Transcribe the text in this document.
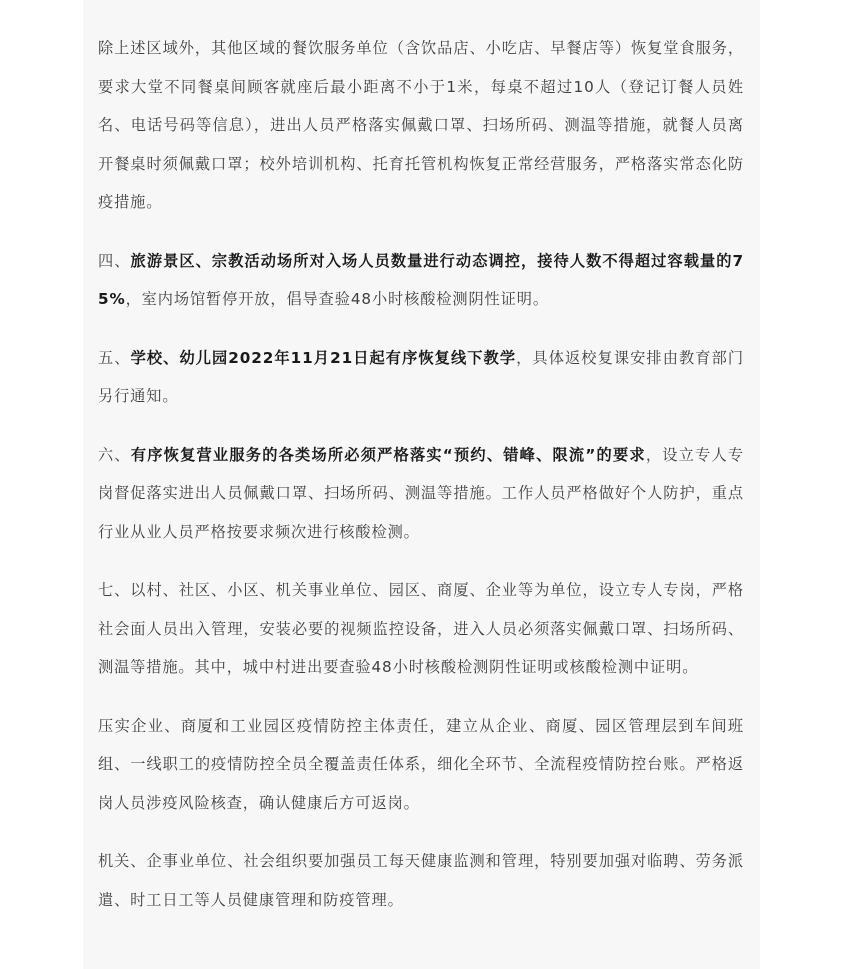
除上述区域外，其他区域的餐饮服务单位（含饮品店、小吃店、早餐店等）恢复堂食服务，要求大堂不同餐桌间顾客就座后最小距离不小于1米，每桌不超过10人（登记订餐人员姓名、电话号码等信息），进出人员严格落实佩戴口罩、扫场所码、测温等措施，就餐人员离开餐桌时须佩戴口罩；校外培训机构、托育托管机构恢复正常经营服务，严格落实常态化防疫措施。

四、旅游景区、宗教活动场所对入场人员数量进行动态调控，接待人数不得超过容载量的75%，室内场馆暂停开放，倡导查验48小时核酸检测阴性证明。

五、学校、幼儿园2022年11月21日起有序恢复线下教学，具体返校复课安排由教育部门另行通知。

六、有序恢复营业服务的各类场所必须严格落实“预约、错峰、限流”的要求，设立专人专岗督促落实进出人员佩戴口罩、扫场所码、测温等措施。工作人员严格做好个人防护，重点行业从业人员严格按要求频次进行核酸检测。

七、以村、社区、小区、机关事业单位、园区、商厦、企业等为单位，设立专人专岗，严格社会面人员出入管理，安装必要的视频监控设备，进入人员必须落实佩戴口罩、扫场所码、测温等措施。其中，城中村进出要查验48小时核酸检测阴性证明或核酸检测中证明。

压实企业、商厦和工业园区疫情防控主体责任，建立从企业、商厦、园区管理层到车间班组、一线职工的疫情防控全员全覆盖责任体系，细化全环节、全流程疫情防控台账。严格返岗人员涉疫风险核查，确认健康后方可返岗。

机关、企事业单位、社会组织要加强员工每天健康监测和管理，特别要加强对临聘、劳务派遣、时工日工等人员健康管理和防疫管理。
